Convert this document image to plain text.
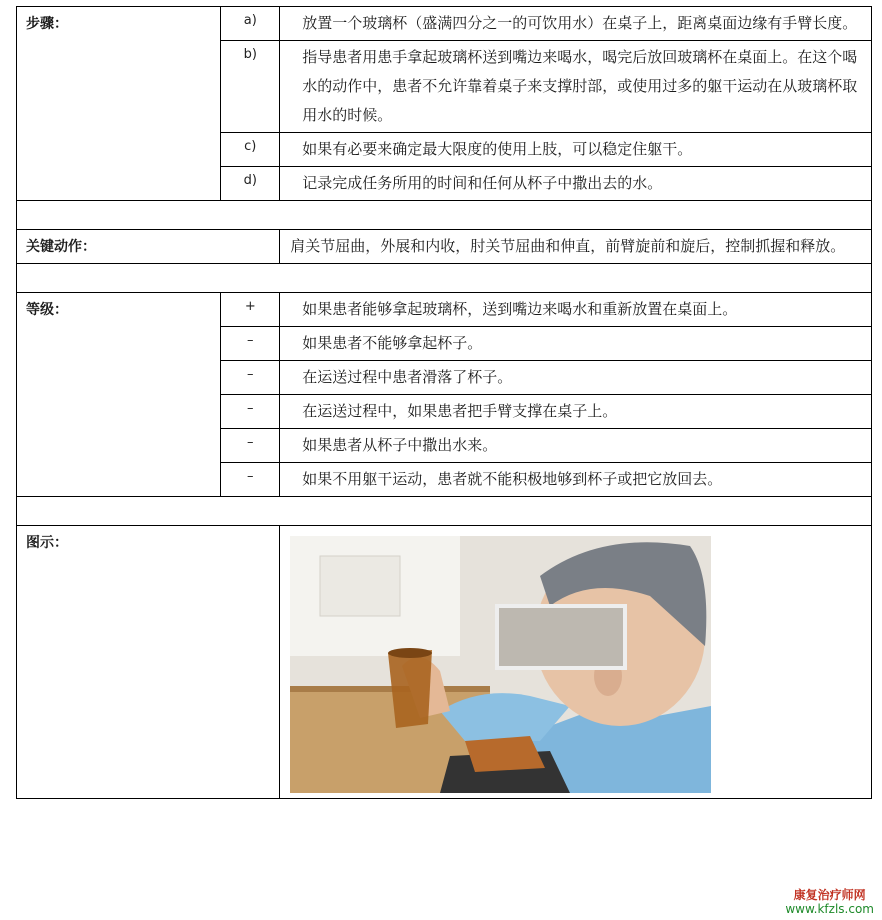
步骤：	a)	放置一个玻璃杯（盛满四分之一的可饮用水）在桌子上，距离桌面边缘有手臂长度。
	b)	指导患者用患手拿起玻璃杯送到嘴边来喝水，喝完后放回玻璃杯在桌面上。在这个喝水的动作中，患者不允许靠着桌子来支撑肘部，或使用过多的躯干运动在从玻璃杯取用水的时候。
	c)	如果有必要来确定最大限度的使用上肢，可以稳定住躯干。
	d)	记录完成任务所用的时间和任何从杯子中撒出去的水。

关键动作：		肩关节屈曲，外展和内收，肘关节屈曲和伸直，前臂旋前和旋后，控制抓握和释放。

等级：	+	如果患者能够拿起玻璃杯，送到嘴边来喝水和重新放置在桌面上。
	–	如果患者不能够拿起杯子。
	–	在运送过程中患者滑落了杯子。
	–	在运送过程中，如果患者把手臂支撑在桌子上。
	–	如果患者从杯子中撒出水来。
	–	如果不用躯干运动，患者就不能积极地够到杯子或把它放回去。

图示：	
康复治疗师网
www.kfzls.com
